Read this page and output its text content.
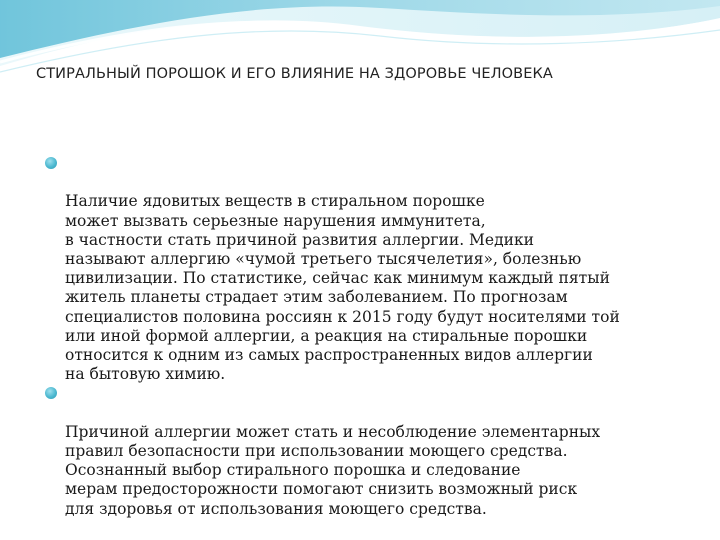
СТИРАЛЬНЫЙ ПОРОШОК И ЕГО ВЛИЯНИЕ НА ЗДОРОВЬЕ ЧЕЛОВЕКА

Наличие ядовитых веществ в стиральном порошке
может вызвать серьезные нарушения иммунитета,
в частности стать причиной развития аллергии. Медики
называют аллергию «чумой третьего тысячелетия», болезнью
цивилизации. По статистике, сейчас как минимум каждый пятый
житель планеты страдает этим заболеванием. По прогнозам
специалистов половина россиян к 2015 году будут носителями той
или иной формой аллергии, а реакция на стиральные порошки
относится к одним из самых распространенных видов аллергии
на бытовую химию.

Причиной аллергии может стать и несоблюдение элементарных
правил безопасности при использовании моющего средства.
Осознанный выбор стирального порошка и следование
мерам предосторожности помогают снизить возможный риск
для здоровья от использования моющего средства.
